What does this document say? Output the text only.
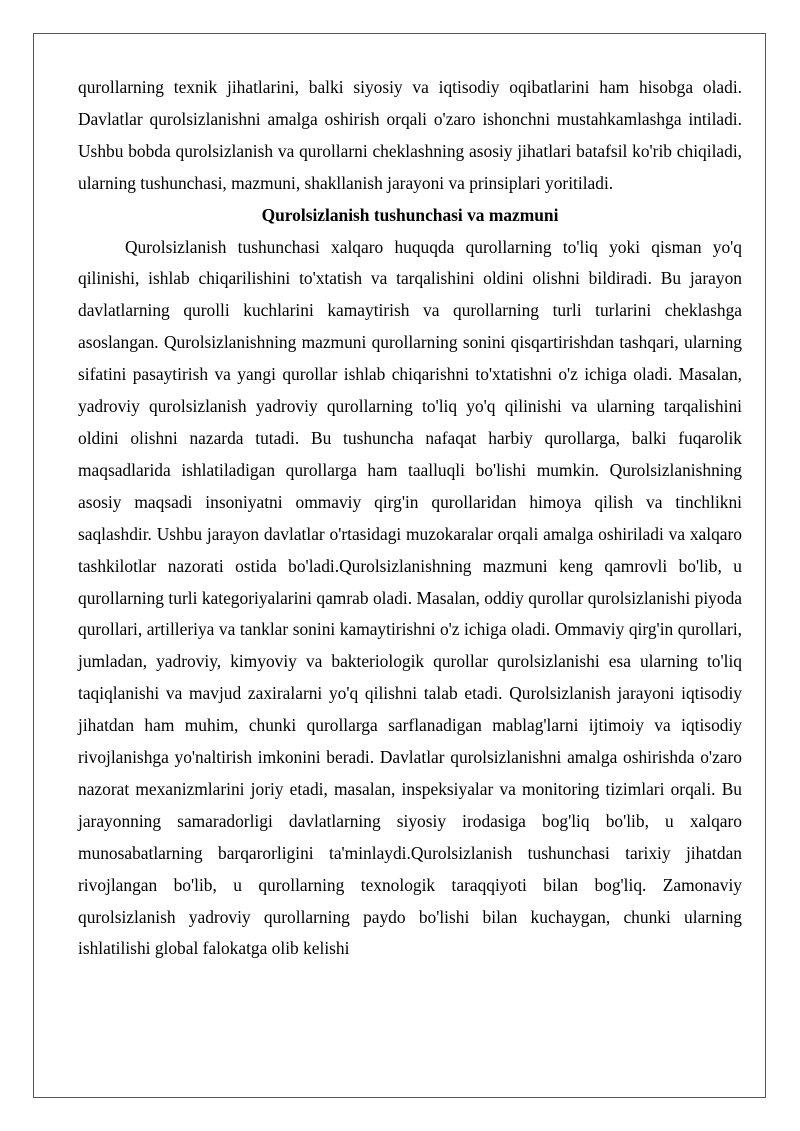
qurollarning texnik jihatlarini, balki siyosiy va iqtisodiy oqibatlarini ham hisobga oladi. Davlatlar qurolsizlanishni amalga oshirish orqali o'zaro ishonchni mustahkamlashga intiladi. Ushbu bobda qurolsizlanish va qurollarni cheklashning asosiy jihatlari batafsil ko'rib chiqiladi, ularning tushunchasi, mazmuni, shakllanish jarayoni va prinsiplari yoritiladi.

Qurolsizlanish tushunchasi va mazmuni

Qurolsizlanish tushunchasi xalqaro huquqda qurollarning to'liq yoki qisman yo'q qilinishi, ishlab chiqarilishini to'xtatish va tarqalishini oldini olishni bildiradi. Bu jarayon davlatlarning qurolli kuchlarini kamaytirish va qurollarning turli turlarini cheklashga asoslangan. Qurolsizlanishning mazmuni qurollarning sonini qisqartirishdan tashqari, ularning sifatini pasaytirish va yangi qurollar ishlab chiqarishni to'xtatishni o'z ichiga oladi. Masalan, yadroviy qurolsizlanish yadroviy qurollarning to'liq yo'q qilinishi va ularning tarqalishini oldini olishni nazarda tutadi. Bu tushuncha nafaqat harbiy qurollarga, balki fuqarolik maqsadlarida ishlatiladigan qurollarga ham taalluqli bo'lishi mumkin. Qurolsizlanishning asosiy maqsadi insoniyatni ommaviy qirg'in qurollaridan himoya qilish va tinchlikni saqlashdir. Ushbu jarayon davlatlar o'rtasidagi muzokaralar orqali amalga oshiriladi va xalqaro tashkilotlar nazorati ostida bo'ladi.Qurolsizlanishning mazmuni keng qamrovli bo'lib, u qurollarning turli kategoriyalarini qamrab oladi. Masalan, oddiy qurollar qurolsizlanishi piyoda qurollari, artilleriya va tanklar sonini kamaytirishni o'z ichiga oladi. Ommaviy qirg'in qurollari, jumladan, yadroviy, kimyoviy va bakteriologik qurollar qurolsizlanishi esa ularning to'liq taqiqlanishi va mavjud zaxiralarni yo'q qilishni talab etadi. Qurolsizlanish jarayoni iqtisodiy jihatdan ham muhim, chunki qurollarga sarflanadigan mablag'larni ijtimoiy va iqtisodiy rivojlanishga yo'naltirish imkonini beradi. Davlatlar qurolsizlanishni amalga oshirishda o'zaro nazorat mexanizmlarini joriy etadi, masalan, inspeksiyalar va monitoring tizimlari orqali. Bu jarayonning samaradorligi davlatlarning siyosiy irodasiga bog'liq bo'lib, u xalqaro munosabatlarning barqarorligini ta'minlaydi.Qurolsizlanish tushunchasi tarixiy jihatdan rivojlangan bo'lib, u qurollarning texnologik taraqqiyoti bilan bog'liq. Zamonaviy qurolsizlanish yadroviy qurollarning paydo bo'lishi bilan kuchaygan, chunki ularning ishlatilishi global falokatga olib kelishi
